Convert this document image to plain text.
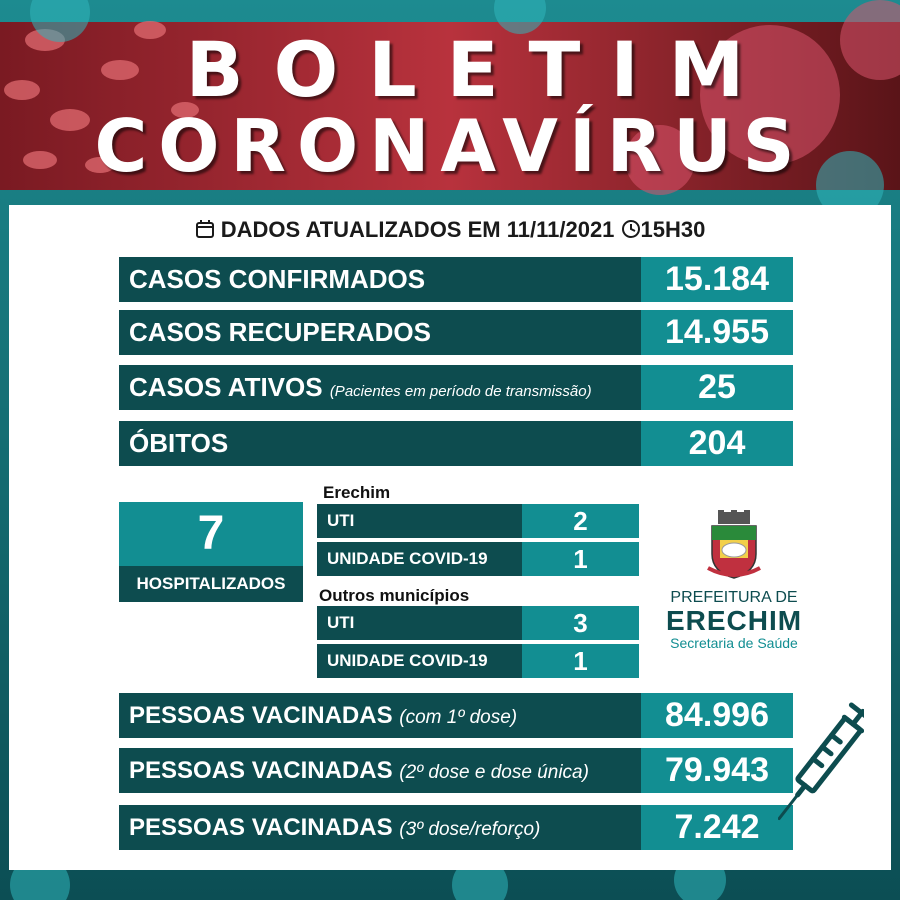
BOLETIM
CORONAVÍRUS
DADOS ATUALIZADOS EM 11/11/2021 15H30
CASOS CONFIRMADOS	15.184
CASOS RECUPERADOS	14.955
CASOS ATIVOS (Pacientes em período de transmissão)	25
ÓBITOS	204
7
HOSPITALIZADOS
Erechim
UTI	2
UNIDADE COVID-19	1
Outros municípios
UTI	3
UNIDADE COVID-19	1
PREFEITURA DE
ERECHIM
Secretaria de Saúde
PESSOAS VACINADAS (com 1º dose)	84.996
PESSOAS VACINADAS (2º dose e dose única)	79.943
PESSOAS VACINADAS (3º dose/reforço)	7.242
